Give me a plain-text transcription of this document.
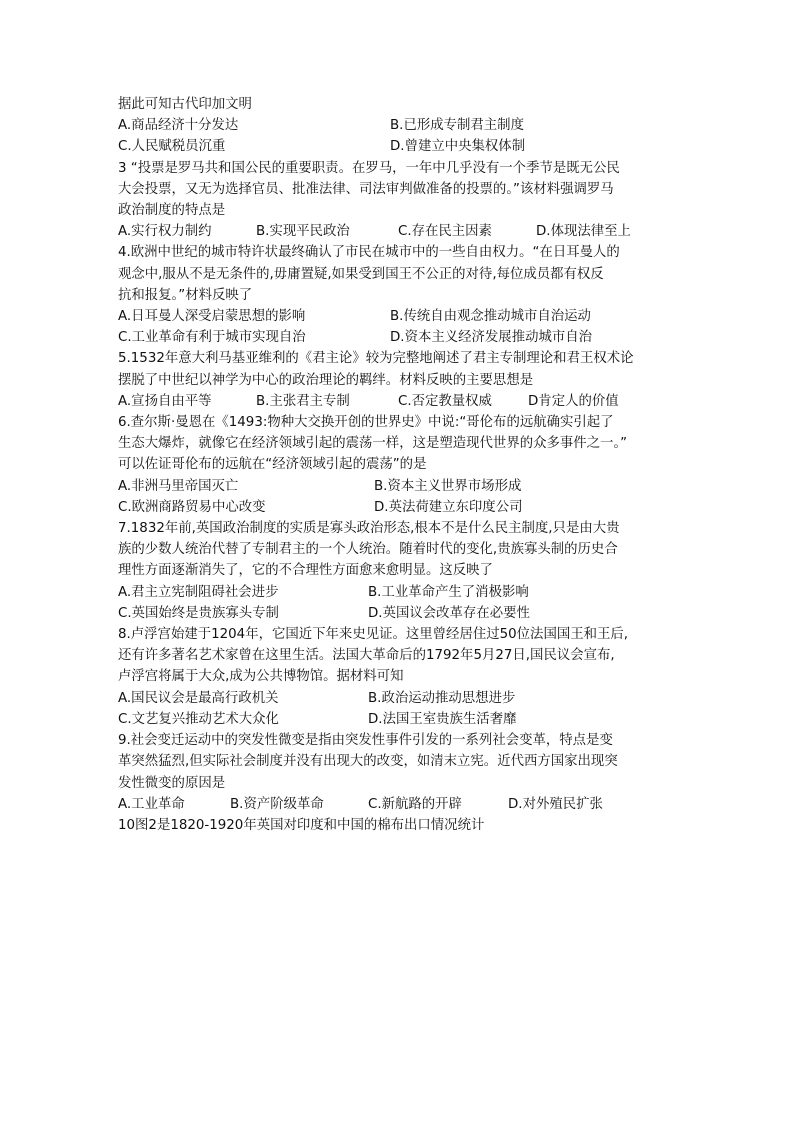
据此可知古代印加文明
A.商品经济十分发达	B.已形成专制君主制度
C.人民赋税员沉重	D.曾建立中央集权体制
3 “投票是罗马共和国公民的重要职责。在罗马，一年中几乎没有一个季节是既无公民
大会投票，又无为选择官员、批准法律、司法审判做准备的投票的。”该材料强调罗马
政治制度的特点是
A.实行权力制约	B.实现平民政治	C.存在民主因素	D.体现法律至上
4.欧洲中世纪的城市特许状最终确认了市民在城市中的一些自由权力。“在日耳曼人的
观念中,服从不是无条件的,毋庸置疑,如果受到国王不公正的对待,每位成员都有权反
抗和报复。”材料反映了
A.日耳曼人深受启蒙思想的影响	B.传统自由观念推动城市自治运动
C.工业革命有利于城市实现自治	D.资本主义经济发展推动城市自治
5.1532年意大利马基亚维利的《君主论》较为完整地阐述了君主专制理论和君王权术论
摆脱了中世纪以神学为中心的政治理论的羁绊。材料反映的主要思想是
A.宣扬自由平等	B.主张君主专制	C.否定教量权威	D肯定人的价值
6.查尔斯·曼恩在《1493:物种大交换开创的世界史》中说:“哥伦布的远航确实引起了
生态大爆炸，就像它在经济领域引起的震荡一样，这是塑造现代世界的众多事件之一。”
可以佐证哥伦布的远航在“经济领域引起的震荡”的是
A.非洲马里帝国灭亡	B.资本主义世界市场形成
C.欧洲商路贸易中心改变	D.英法荷建立东印度公司
7.1832年前,英国政治制度的实质是寡头政治形态,根本不是什么民主制度,只是由大贵
族的少数人统治代替了专制君主的一个人统治。随着时代的变化,贵族寡头制的历史合
理性方面逐渐消失了，它的不合理性方面愈来愈明显。这反映了
A.君主立宪制阻碍社会进步	B.工业革命产生了消极影响
C.英国始终是贵族寡头专制	D.英国议会改革存在必要性
8.卢浮宫始建于1204年，它国近下年来史见证。这里曾经居住过50位法国国王和王后,
还有许多著名艺术家曾在这里生活。法国大革命后的1792年5月27日,国民议会宣布,
卢浮宫将属于大众,成为公共博物馆。据材料可知
A.国民议会是最高行政机关	B.政治运动推动思想进步
C.文艺复兴推动艺术大众化	D.法国王室贵族生活奢靡
9.社会变迁运动中的突发性微变是指由突发性事件引发的一系列社会变革，特点是变
革突然猛烈,但实际社会制度并没有出现大的改变，如清末立宪。近代西方国家出现突
发性微变的原因是
A.工业革命	B.资产阶级革命	C.新航路的开辟	D.对外殖民扩张
10图2是1820-1920年英国对印度和中国的棉布出口情况统计
